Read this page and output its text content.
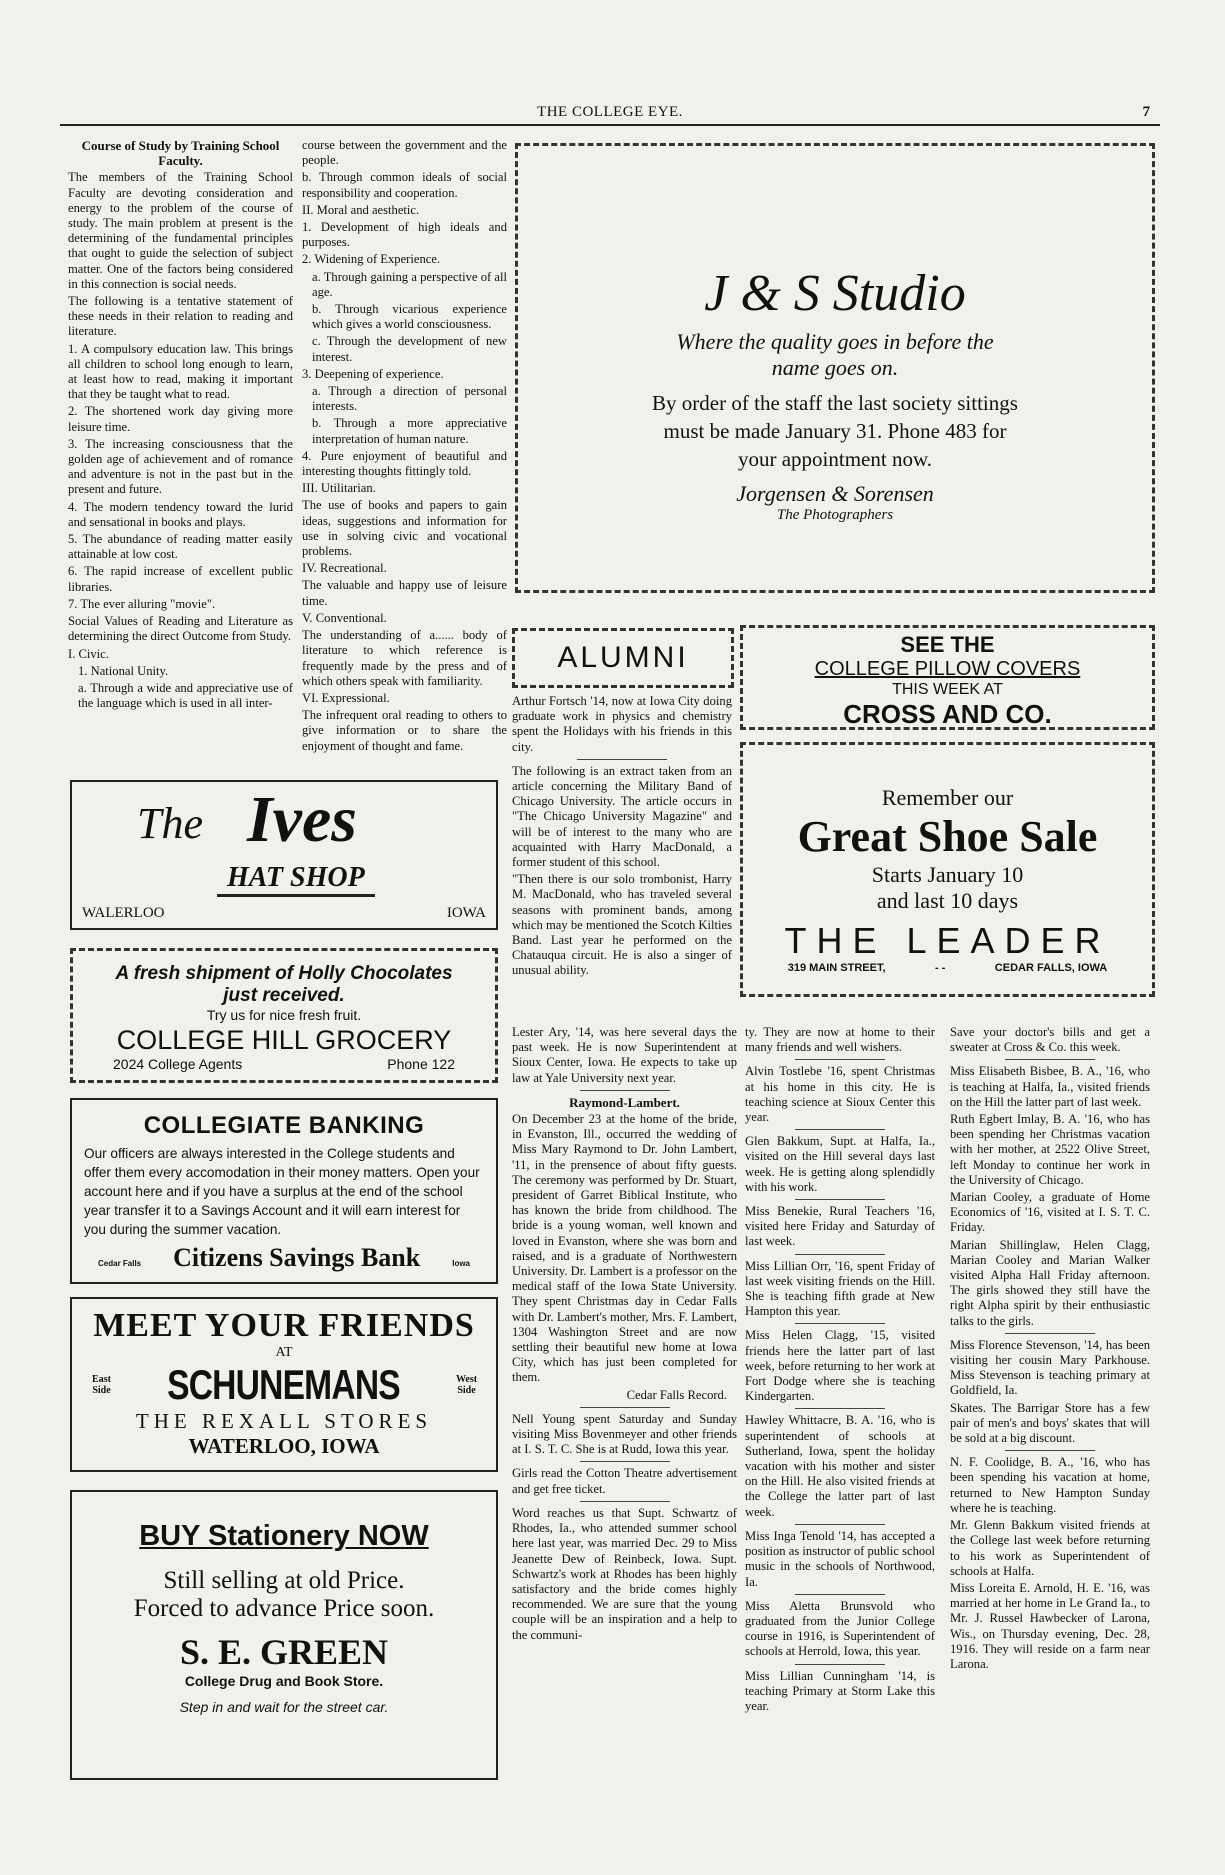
THE COLLEGE EYE.	7
Course of Study by Training School Faculty.

The members of the Training School Faculty are devoting consideration and energy to the problem of the course of study. The main problem at present is the determining of the fundamental principles that ought to guide the selection of subject matter. One of the factors being considered in this connection is social needs.

The following is a tentative statement of these needs in their relation to reading and literature.

1. A compulsory education law. This brings all children to school long enough to learn, at least how to read, making it important that they be taught what to read.

2. The shortened work day giving more leisure time.

3. The increasing consciousness that the golden age of achievement and of romance and adventure is not in the past but in the present and future.

4. The modern tendency toward the lurid and sensational in books and plays.

5. The abundance of reading matter easily attainable at low cost.

6. The rapid increase of excellent public libraries.

7. The ever alluring "movie".

Social Values of Reading and Literature as determining the direct Outcome from Study.

I. Civic.

1. National Unity.

a. Through a wide and appreciative use of the language which is used in all inter-

course between the government and the people.

b. Through common ideals of social responsibility and cooperation.

II. Moral and aesthetic.

1. Development of high ideals and purposes.

2. Widening of Experience.

a. Through gaining a perspective of all age.

b. Through vicarious experience which gives a world consciousness.

c. Through the development of new interest.

3. Deepening of experience.

a. Through a direction of personal interests.

b. Through a more appreciative interpretation of human nature.

4. Pure enjoyment of beautiful and interesting thoughts fittingly told.

III. Utilitarian.

The use of books and papers to gain ideas, suggestions and information for use in solving civic and vocational problems.

IV. Recreational.

The valuable and happy use of leisure time.

V. Conventional.

The understanding of a...... body of literature to which reference is frequently made by the press and of which others speak with familiarity.

VI. Expressional.

The infrequent oral reading to others to give information or to share the enjoyment of thought and fame.

J & S Studio
Where the quality goes in before the name goes on.
By order of the staff the last society sittings must be made January 31. Phone 483 for your appointment now.
Jorgensen & Sorensen
The Photographers
ALUMNI

Arthur Fortsch '14, now at Iowa City doing graduate work in physics and chemistry spent the Holidays with his friends in this city.

The following is an extract taken from an article concerning the Military Band of Chicago University. The article occurs in "The Chicago University Magazine" and will be of interest to the many who are acquainted with Harry MacDonald, a former student of this school.

"Then there is our solo trombonist, Harry M. MacDonald, who has traveled several seasons with prominent bands, among which may be mentioned the Scotch Kilties Band. Last year he performed on the Chatauqua circuit. He is also a singer of unusual ability.

SEE THE
COLLEGE PILLOW COVERS
THIS WEEK AT
CROSS AND CO.
Remember our
Great Shoe Sale
Starts January 10
and last 10 days
THE LEADER
319 MAIN STREET,	- -	CEDAR FALLS, IOWA
The Ives
HAT SHOP
WALERLOO	IOWA
A fresh shipment of Holly Chocolates
just received.
Try us for nice fresh fruit.
COLLEGE HILL GROCERY
2024 College Agents	Phone 122
COLLEGIATE BANKING
Our officers are always interested in the College students and offer them every accomodation in their money matters. Open your account here and if you have a surplus at the end of the school year transfer it to a Savings Account and it will earn interest for you during the summer vacation.
Cedar Falls Citizens Savings Bank	Iowa
MEET YOUR FRIENDS
AT
East Side SCHUNEMANS	West Side
THE REXALL STORES
WATERLOO, IOWA
BUY Stationery NOW
Still selling at old Price.
Forced to advance Price soon.
S. E. GREEN
College Drug and Book Store.
Step in and wait for the street car.

Lester Ary, '14, was here several days the past week. He is now Superintendent at Sioux Center, Iowa. He expects to take up law at Yale University next year.

Raymond-Lambert.

On December 23 at the home of the bride, in Evanston, Ill., occurred the wedding of Miss Mary Raymond to Dr. John Lambert, '11, in the prensence of about fifty guests. The ceremony was performed by Dr. Stuart, president of Garret Biblical Institute, who has known the bride from childhood. The bride is a young woman, well known and loved in Evanston, where she was born and raised, and is a graduate of Northwestern University. Dr. Lambert is a professor on the medical staff of the Iowa State University. They spent Christmas day in Cedar Falls with Dr. Lambert's mother, Mrs. F. Lambert, 1304 Washington Street and are now settling their beautiful new home at Iowa City, which has just been completed for them.

Cedar Falls Record.

Nell Young spent Saturday and Sunday visiting Miss Bovenmeyer and other friends at I. S. T. C. She is at Rudd, Iowa this year.

Girls read the Cotton Theatre advertisement and get free ticket.

Word reaches us that Supt. Schwartz of Rhodes, Ia., who attended summer school here last year, was married Dec. 29 to Miss Jeanette Dew of Reinbeck, Iowa. Supt. Schwartz's work at Rhodes has been highly satisfactory and the bride comes highly recommended. We are sure that the young couple will be an inspiration and a help to the communi-

ty. They are now at home to their many friends and well wishers.

Alvin Tostlebe '16, spent Christmas at his home in this city. He is teaching science at Sioux Center this year.

Glen Bakkum, Supt. at Halfa, Ia., visited on the Hill several days last week. He is getting along splendidly with his work.

Miss Benekie, Rural Teachers '16, visited here Friday and Saturday of last week.

Miss Lillian Orr, '16, spent Friday of last week visiting friends on the Hill. She is teaching fifth grade at New Hampton this year.

Miss Helen Clagg, '15, visited friends here the latter part of last week, before returning to her work at Fort Dodge where she is teaching Kindergarten.

Hawley Whittacre, B. A. '16, who is superintendent of schools at Sutherland, Iowa, spent the holiday vacation with his mother and sister on the Hill. He also visited friends at the College the latter part of last week.

Miss Inga Tenold '14, has accepted a position as instructor of public school music in the schools of Northwood, Ia.

Miss Aletta Brunsvold who graduated from the Junior College course in 1916, is Superintendent of schools at Herrold, Iowa, this year.

Miss Lillian Cunningham '14, is teaching Primary at Storm Lake this year.

Save your doctor's bills and get a sweater at Cross & Co. this week.

Miss Elisabeth Bisbee, B. A., '16, who is teaching at Halfa, Ia., visited friends on the Hill the latter part of last week.

Ruth Egbert Imlay, B. A. '16, who has been spending her Christmas vacation with her mother, at 2522 Olive Street, left Monday to continue her work in the University of Chicago.

Marian Cooley, a graduate of Home Economics of '16, visited at I. S. T. C. Friday.

Marian Shillinglaw, Helen Clagg, Marian Cooley and Marian Walker visited Alpha Hall Friday afternoon. The girls showed they still have the right Alpha spirit by their enthusiastic talks to the girls.

Miss Florence Stevenson, '14, has been visiting her cousin Mary Parkhouse. Miss Stevenson is teaching primary at Goldfield, Ia.

Skates. The Barrigar Store has a few pair of men's and boys' skates that will be sold at a big discount.

N. F. Coolidge, B. A., '16, who has been spending his vacation at home, returned to New Hampton Sunday where he is teaching.

Mr. Glenn Bakkum visited friends at the College last week before returning to his work as Superintendent of schools at Halfa.

Miss Loreita E. Arnold, H. E. '16, was married at her home in Le Grand Ia., to Mr. J. Russel Hawbecker of Larona, Wis., on Thursday evening, Dec. 28, 1916. They will reside on a farm near Larona.
